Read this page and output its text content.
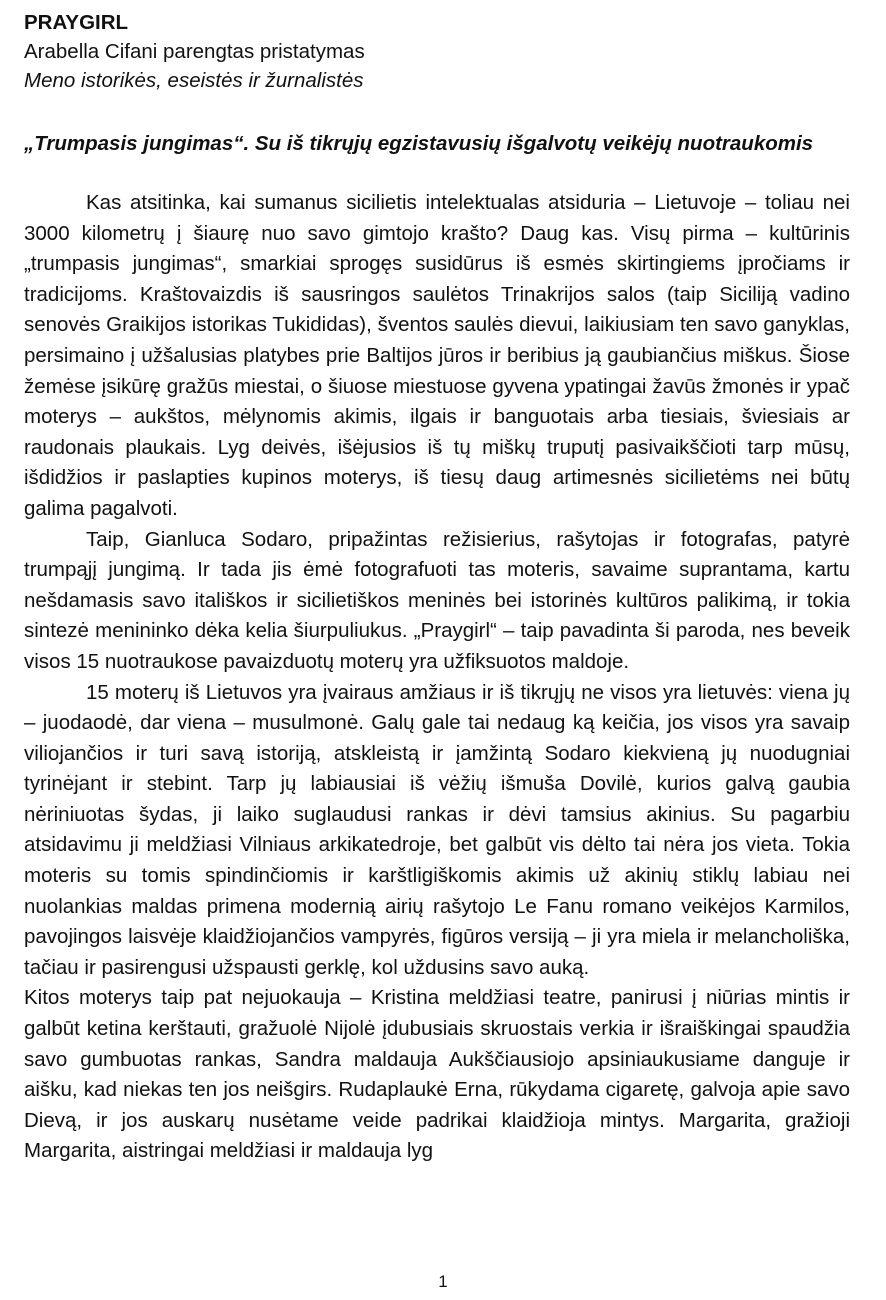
PRAYGIRL
Arabella Cifani parengtas pristatymas
Meno istorikės, eseistės ir žurnalistės
„Trumpasis jungimas“. Su iš tikrųjų egzistavusių išgalvotų veikėjų nuotraukomis

Kas atsitinka, kai sumanus sicilietis intelektualas atsiduria – Lietuvoje – toliau nei 3000 kilometrų į šiaurę nuo savo gimtojo krašto? Daug kas. Visų pirma – kultūrinis „trumpasis jungimas“, smarkiai sprogęs susidūrus iš esmės skirtingiems įpročiams ir tradicijoms. Kraštovaizdis iš sausringos saulėtos Trinakrijos salos (taip Siciliją vadino senovės Graikijos istorikas Tukididas), šventos saulės dievui, laikiusiam ten savo ganyklas, persimaino į užšalusias platybes prie Baltijos jūros ir beribius ją gaubiančius miškus. Šiose žemėse įsikūrę gražūs miestai, o šiuose miestuose gyvena ypatingai žavūs žmonės ir ypač moterys – aukštos, mėlynomis akimis, ilgais ir banguotais arba tiesiais, šviesiais ar raudonais plaukais. Lyg deivės, išėjusios iš tų miškų truputį pasivaikščioti tarp mūsų, išdidžios ir paslapties kupinos moterys, iš tiesų daug artimesnės sicilietėms nei būtų galima pagalvoti.

Taip, Gianluca Sodaro, pripažintas režisierius, rašytojas ir fotografas, patyrė trumpąjį jungimą. Ir tada jis ėmė fotografuoti tas moteris, savaime suprantama, kartu nešdamasis savo itališkos ir sicilietiškos meninės bei istorinės kultūros palikimą, ir tokia sintezė menininko dėka kelia šiurpuliukus. „Praygirl“ – taip pavadinta ši paroda, nes beveik visos 15 nuotraukose pavaizduotų moterų yra užfiksuotos maldoje.

15 moterų iš Lietuvos yra įvairaus amžiaus ir iš tikrųjų ne visos yra lietuvės: viena jų – juodaodė, dar viena – musulmonė. Galų gale tai nedaug ką keičia, jos visos yra savaip viliojančios ir turi savą istoriją, atskleistą ir įamžintą Sodaro kiekvieną jų nuodugniai tyrinėjant ir stebint. Tarp jų labiausiai iš vėžių išmuša Dovilė, kurios galvą gaubia nėriniuotas šydas, ji laiko suglaudusi rankas ir dėvi tamsius akinius. Su pagarbiu atsidavimu ji meldžiasi Vilniaus arkikatedroje, bet galbūt vis dėlto tai nėra jos vieta. Tokia moteris su tomis spindinčiomis ir karštligiškomis akimis už akinių stiklų labiau nei nuolankias maldas primena modernią airių rašytojo Le Fanu romano veikėjos Karmilos, pavojingos laisvėje klaidžiojančios vampyrės, figūros versiją – ji yra miela ir melancholiška, tačiau ir pasirengusi užspausti gerklę, kol uždusins savo auką.

Kitos moterys taip pat nejuokauja – Kristina meldžiasi teatre, panirusi į niūrias mintis ir galbūt ketina kerštauti, gražuolė Nijolė įdubusiais skruostais verkia ir išraiškingai spaudžia savo gumbuotas rankas, Sandra maldauja Aukščiausiojo apsiniaukusiame danguje ir aišku, kad niekas ten jos neišgirs. Rudaplaukė Erna, rūkydama cigaretę, galvoja apie savo Dievą, ir jos auskarų nusėtame veide padrikai klaidžioja mintys. Margarita, gražioji Margarita, aistringai meldžiasi ir maldauja lyg

1
